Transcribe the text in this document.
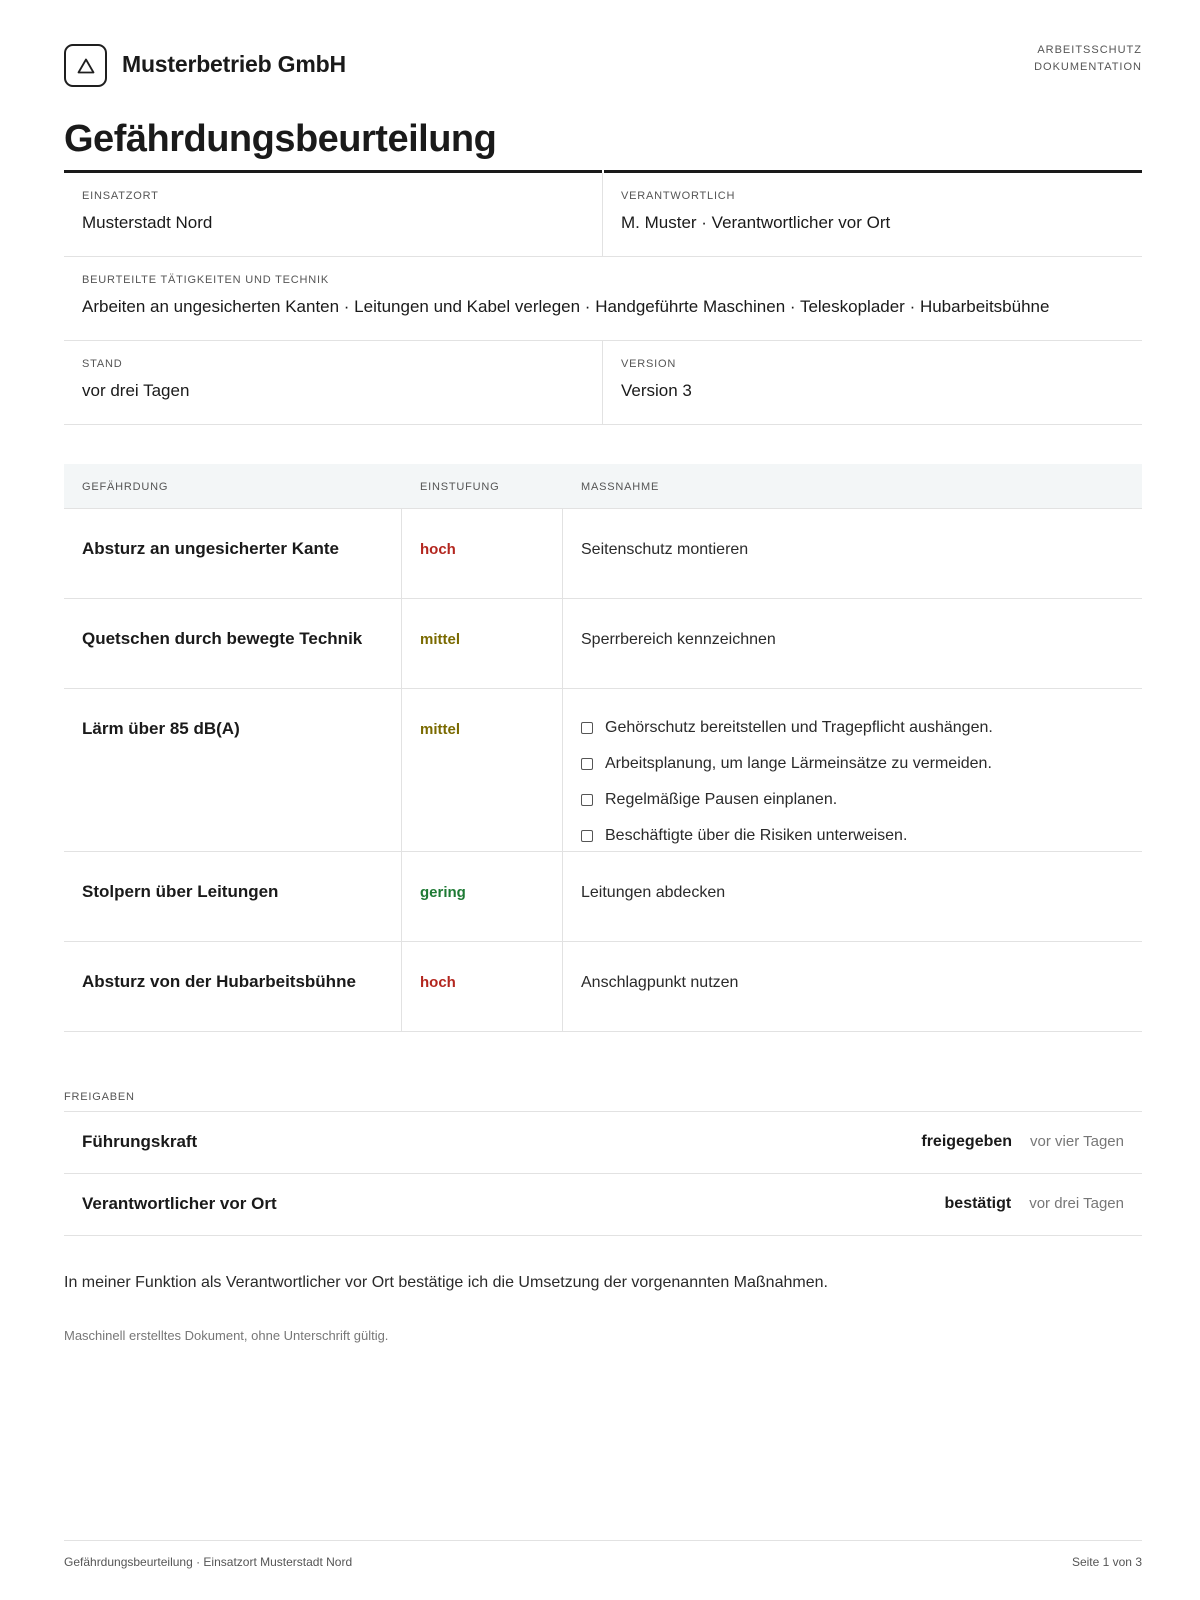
Musterbetrieb GmbH
ARBEITSSCHUTZ
DOKUMENTATION
Gefährdungsbeurteilung
EINSATZORT
Musterstadt Nord
VERANTWORTLICH
M. Muster · Verantwortlicher vor Ort
BEURTEILTE TÄTIGKEITEN UND TECHNIK
Arbeiten an ungesicherten Kanten · Leitungen und Kabel verlegen · Handgeführte Maschinen · Teleskoplader · Hubarbeitsbühne
STAND
vor drei Tagen
VERSION
Version 3
GEFÄHRDUNG	EINSTUFUNG	MASSNAHME
Absturz an ungesicherter Kante	hoch	Seitenschutz montieren
Quetschen durch bewegte Technik	mittel	Sperrbereich kennzeichnen
Lärm über 85 dB(A)	mittel	Gehörschutz bereitstellen und Tragepflicht aushängen.
Arbeitsplanung, um lange Lärmeinsätze zu vermeiden.
Regelmäßige Pausen einplanen.
Beschäftigte über die Risiken unterweisen.
Stolpern über Leitungen	gering	Leitungen abdecken
Absturz von der Hubarbeitsbühne	hoch	Anschlagpunkt nutzen
FREIGABEN
Führungskraft	freigegeben vor vier Tagen
Verantwortlicher vor Ort	bestätigt vor drei Tagen

In meiner Funktion als Verantwortlicher vor Ort bestätige ich die Umsetzung der vorgenannten Maßnahmen.

Maschinell erstelltes Dokument, ohne Unterschrift gültig.

Gefährdungsbeurteilung · Einsatzort Musterstadt Nord	Seite 1 von 3
